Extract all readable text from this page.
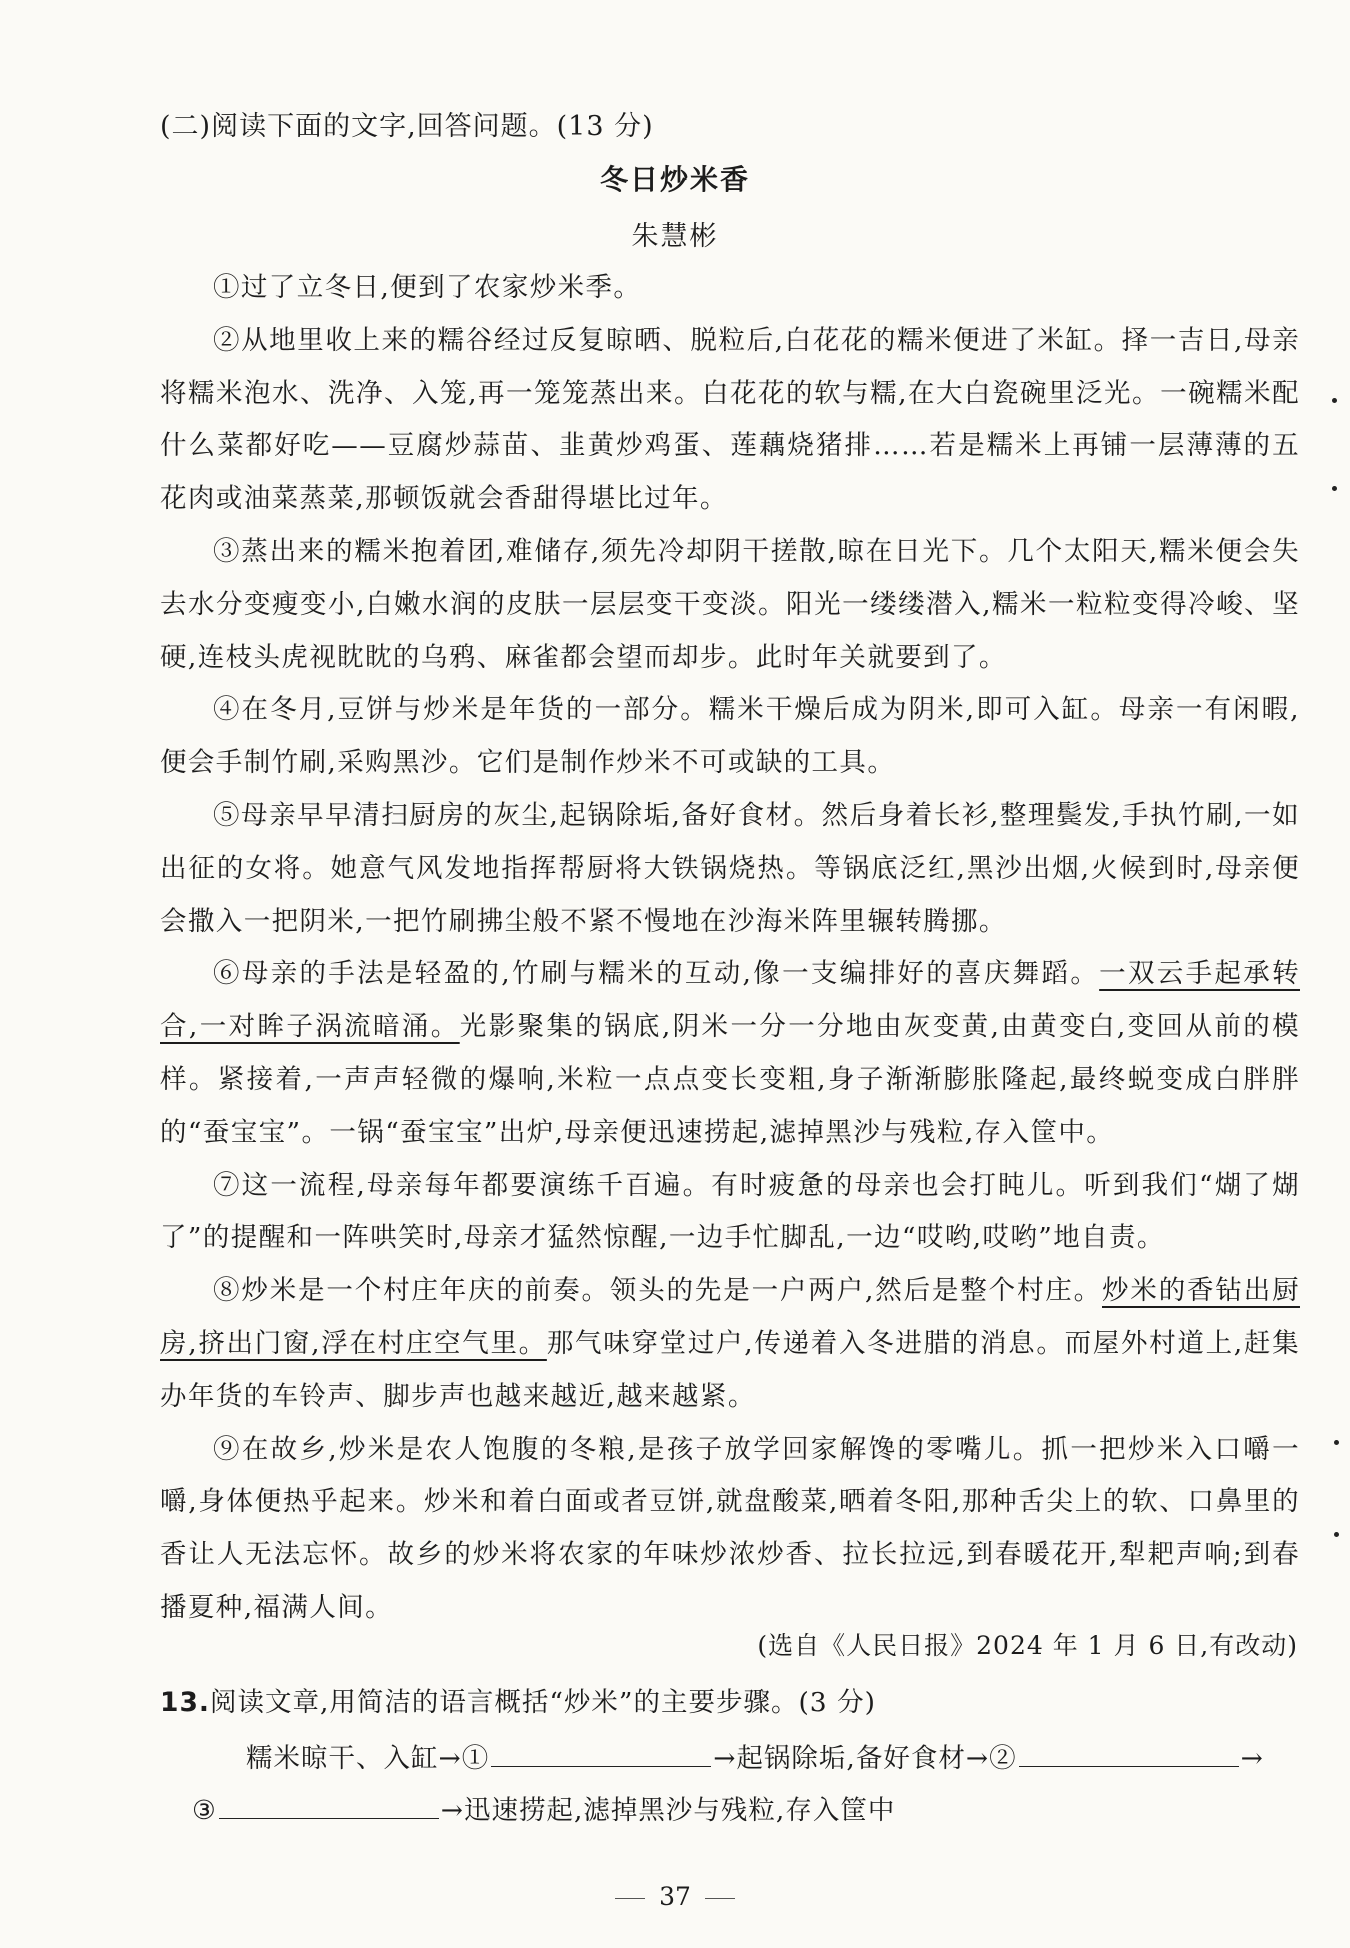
(二)阅读下面的文字,回答问题。(13 分)
冬日炒米香
朱慧彬

①过了立冬日,便到了农家炒米季。

②从地里收上来的糯谷经过反复晾晒、脱粒后,白花花的糯米便进了米缸。择一吉日,母亲将糯米泡水、洗净、入笼,再一笼笼蒸出来。白花花的软与糯,在大白瓷碗里泛光。一碗糯米配什么菜都好吃——豆腐炒蒜苗、韭黄炒鸡蛋、莲藕烧猪排……若是糯米上再铺一层薄薄的五花肉或油菜蒸菜,那顿饭就会香甜得堪比过年。

③蒸出来的糯米抱着团,难储存,须先冷却阴干搓散,晾在日光下。几个太阳天,糯米便会失去水分变瘦变小,白嫩水润的皮肤一层层变干变淡。阳光一缕缕潜入,糯米一粒粒变得冷峻、坚硬,连枝头虎视眈眈的乌鸦、麻雀都会望而却步。此时年关就要到了。

④在冬月,豆饼与炒米是年货的一部分。糯米干燥后成为阴米,即可入缸。母亲一有闲暇,便会手制竹刷,采购黑沙。它们是制作炒米不可或缺的工具。

⑤母亲早早清扫厨房的灰尘,起锅除垢,备好食材。然后身着长衫,整理鬓发,手执竹刷,一如出征的女将。她意气风发地指挥帮厨将大铁锅烧热。等锅底泛红,黑沙出烟,火候到时,母亲便会撒入一把阴米,一把竹刷拂尘般不紧不慢地在沙海米阵里辗转腾挪。

⑥母亲的手法是轻盈的,竹刷与糯米的互动,像一支编排好的喜庆舞蹈。一双云手起承转合,一对眸子涡流暗涌。光影聚集的锅底,阴米一分一分地由灰变黄,由黄变白,变回从前的模样。紧接着,一声声轻微的爆响,米粒一点点变长变粗,身子渐渐膨胀隆起,最终蜕变成白胖胖的“蚕宝宝”。一锅“蚕宝宝”出炉,母亲便迅速捞起,滤掉黑沙与残粒,存入筐中。

⑦这一流程,母亲每年都要演练千百遍。有时疲惫的母亲也会打盹儿。听到我们“煳了煳了”的提醒和一阵哄笑时,母亲才猛然惊醒,一边手忙脚乱,一边“哎哟,哎哟”地自责。

⑧炒米是一个村庄年庆的前奏。领头的先是一户两户,然后是整个村庄。炒米的香钻出厨房,挤出门窗,浮在村庄空气里。那气味穿堂过户,传递着入冬进腊的消息。而屋外村道上,赶集办年货的车铃声、脚步声也越来越近,越来越紧。

⑨在故乡,炒米是农人饱腹的冬粮,是孩子放学回家解馋的零嘴儿。抓一把炒米入口嚼一嚼,身体便热乎起来。炒米和着白面或者豆饼,就盘酸菜,晒着冬阳,那种舌尖上的软、口鼻里的香让人无法忘怀。故乡的炒米将农家的年味炒浓炒香、拉长拉远,到春暖花开,犁耙声响;到春播夏种,福满人间。

(选自《人民日报》2024 年 1 月 6 日,有改动)
13.阅读文章,用简洁的语言概括“炒米”的主要步骤。(3 分)
糯米晾干、入缸→①	→起锅除垢,备好食材→②	→
③	→迅速捞起,滤掉黑沙与残粒,存入筐中
37
